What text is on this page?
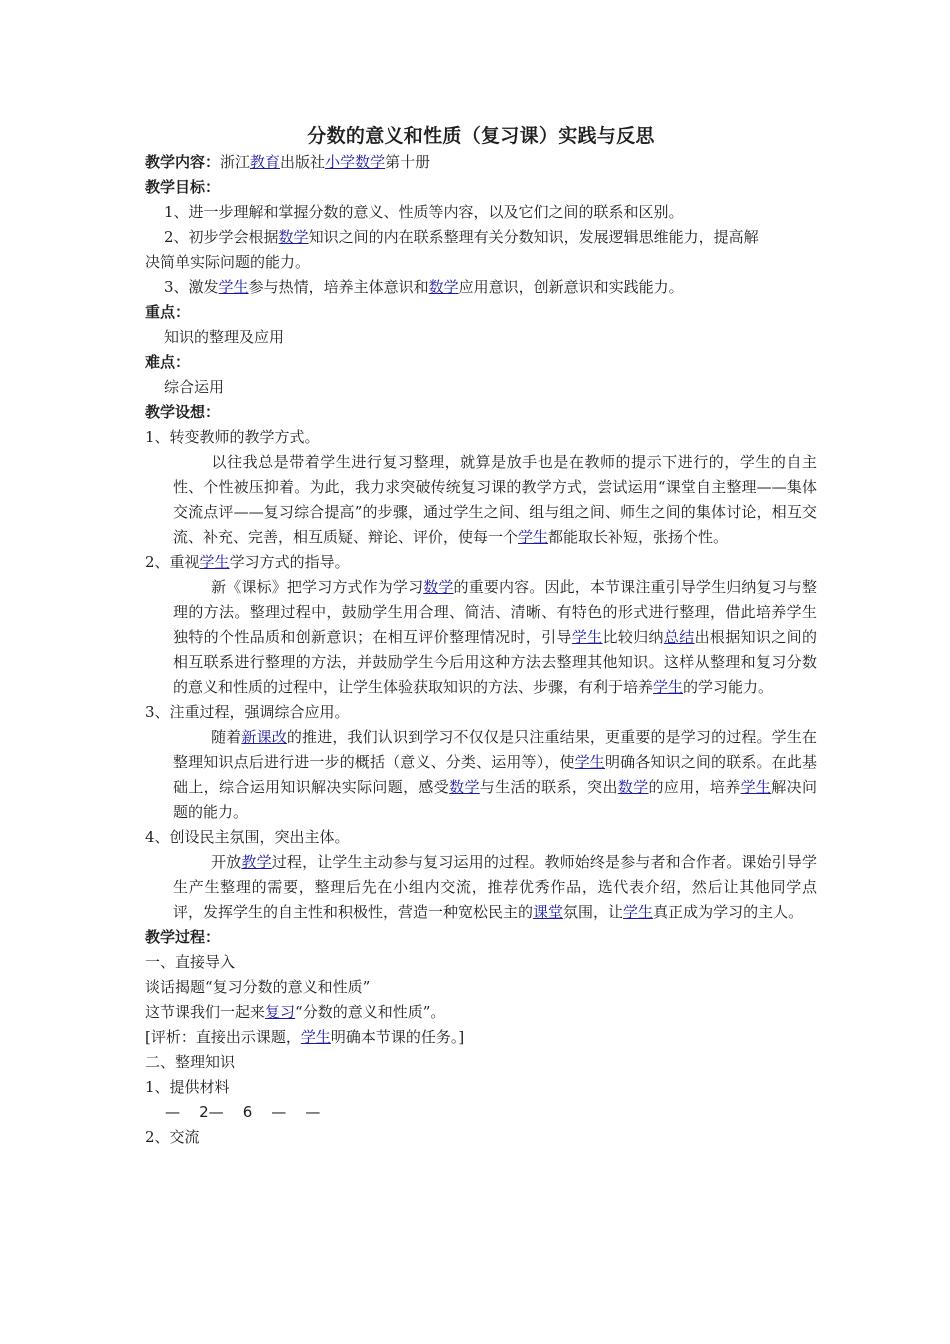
分数的意义和性质（复习课）实践与反思
教学内容：浙江教育出版社小学数学第十册
教学目标：
1、进一步理解和掌握分数的意义、性质等内容，以及它们之间的联系和区别。
2、初步学会根据数学知识之间的内在联系整理有关分数知识，发展逻辑思维能力，提高解
决简单实际问题的能力。
3、激发学生参与热情，培养主体意识和数学应用意识，创新意识和实践能力。
重点：
知识的整理及应用
难点：
综合运用
教学设想：
1、转变教师的教学方式。
以往我总是带着学生进行复习整理，就算是放手也是在教师的提示下进行的，学生的自主性、个性被压抑着。为此，我力求突破传统复习课的教学方式，尝试运用“课堂自主整理——集体交流点评——复习综合提高”的步骤，通过学生之间、组与组之间、师生之间的集体讨论，相互交流、补充、完善，相互质疑、辩论、评价，使每一个学生都能取长补短，张扬个性。
2、重视学生学习方式的指导。
新《课标》把学习方式作为学习数学的重要内容。因此，本节课注重引导学生归纳复习与整理的方法。整理过程中，鼓励学生用合理、简洁、清晰、有特色的形式进行整理，借此培养学生独特的个性品质和创新意识；在相互评价整理情况时，引导学生比较归纳总结出根据知识之间的相互联系进行整理的方法，并鼓励学生今后用这种方法去整理其他知识。这样从整理和复习分数的意义和性质的过程中，让学生体验获取知识的方法、步骤，有利于培养学生的学习能力。
3、注重过程，强调综合应用。
随着新课改的推进，我们认识到学习不仅仅是只注重结果，更重要的是学习的过程。学生在整理知识点后进行进一步的概括（意义、分类、运用等），使学生明确各知识之间的联系。在此基础上，综合运用知识解决实际问题，感受数学与生活的联系，突出数学的应用，培养学生解决问题的能力。
4、创设民主氛围，突出主体。
开放教学过程，让学生主动参与复习运用的过程。教师始终是参与者和合作者。课始引导学生产生整理的需要，整理后先在小组内交流，推荐优秀作品，选代表介绍，然后让其他同学点评，发挥学生的自主性和积极性，营造一种宽松民主的课堂氛围，让学生真正成为学习的主人。
教学过程：
一、直接导入
谈话揭题“复习分数的意义和性质”
这节课我们一起来复习“分数的意义和性质”。
[评析：直接出示课题，学生明确本节课的任务。]
二、整理知识
1、提供材料
—    2—    6    —    —
2、交流
